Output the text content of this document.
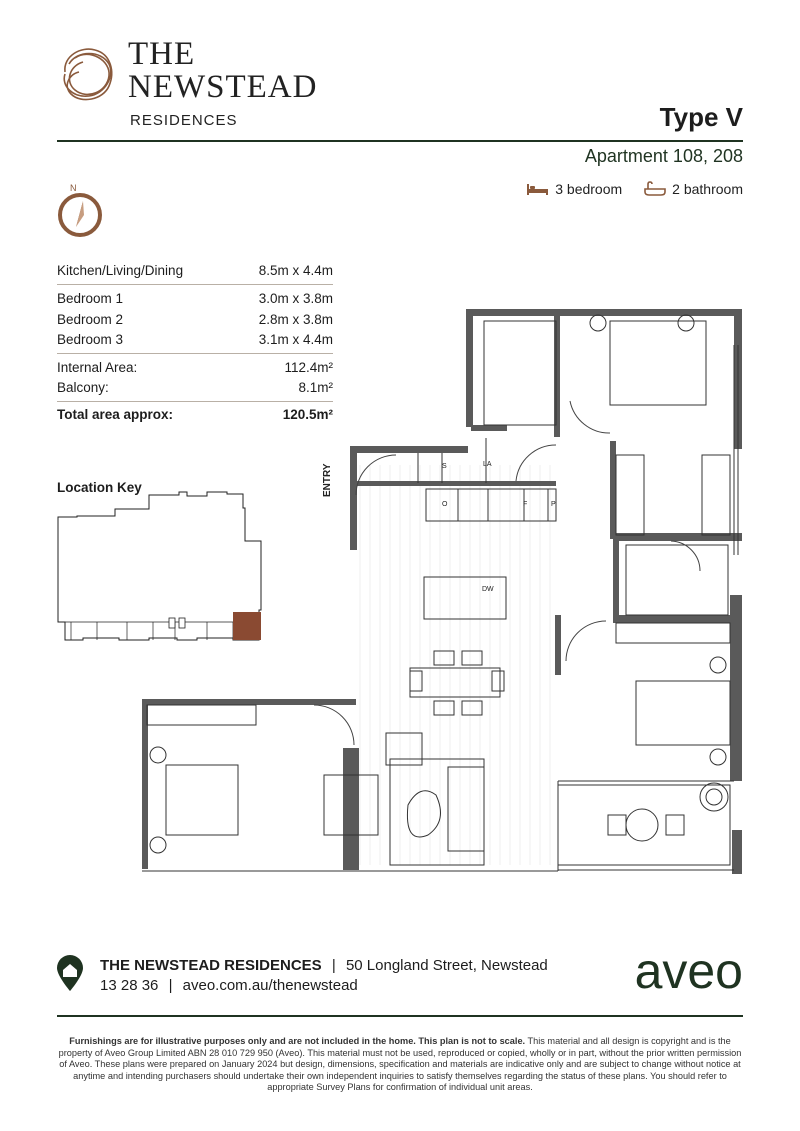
THE
NEWSTEAD
RESIDENCES	Type V
Apartment 108, 208
3 bedroom	2 bathroom
N
Kitchen/Living/Dining	8.5m x 4.4m
Bedroom 1	3.0m x 3.8m
Bedroom 2	2.8m x 3.8m
Bedroom 3	3.1m x 4.4m
Internal Area:	112.4m²
Balcony:	8.1m²
Total area approx:	120.5m²
Location Key	ENTRY	S	LA
O	F	P
DW
THE NEWSTEAD RESIDENCES | 50 Longland Street, Newstead
13 28 36 | aveo.com.au/thenewstead	aveo
Furnishings are for illustrative purposes only and are not included in the home. This plan is not to scale. This material and all design is copyright and is the property of Aveo Group Limited ABN 28 010 729 950 (Aveo). This material must not be used, reproduced or copied, wholly or in part, without the prior written permission of Aveo. These plans were prepared on January 2024 but design, dimensions, specification and materials are indicative only and are subject to change without notice at anytime and intending purchasers should undertake their own independent inquiries to satisfy themselves regarding the status of these plans. You should refer to appropriate Survey Plans for confirmation of individual unit areas.
